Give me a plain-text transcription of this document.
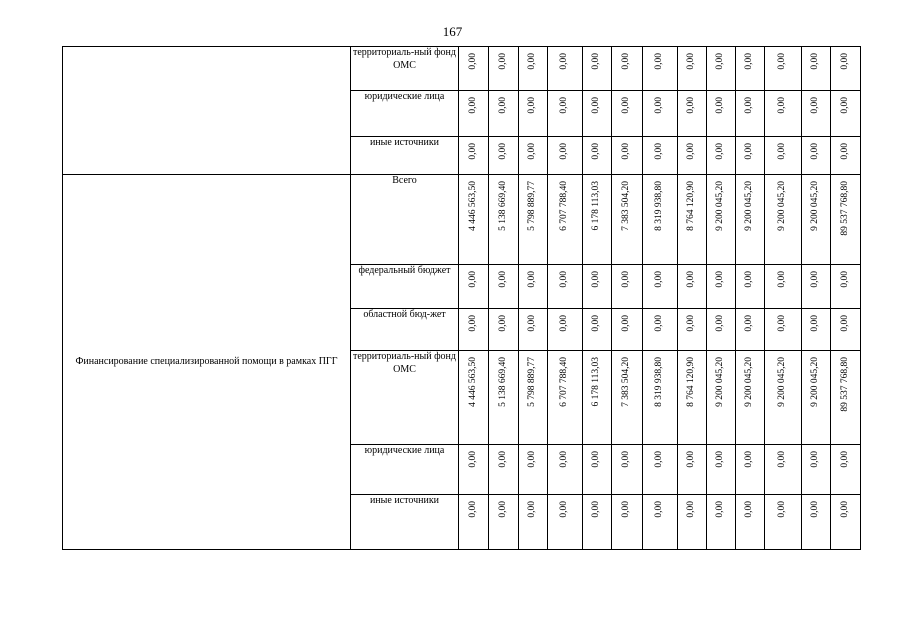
167
	территориаль-ный фонд ОМС	0,00	0,00	0,00	0,00	0,00	0,00	0,00	0,00	0,00	0,00	0,00	0,00	0,00

	юридические лица	0,00	0,00	0,00	0,00	0,00	0,00	0,00	0,00	0,00	0,00	0,00	0,00	0,00

	иные источники	0,00	0,00	0,00	0,00	0,00	0,00	0,00	0,00	0,00	0,00	0,00	0,00	0,00

Финансирование специализированной помощи в рамках ПГГ	Всего	4 446 563,50	5 138 669,40	5 798 889,77	6 707 788,40	6 178 113,03	7 383 504,20	8 319 938,80	8 764 120,90	9 200 045,20	9 200 045,20	9 200 045,20	9 200 045,20	89 537 768,80

	федеральный бюджет	0,00	0,00	0,00	0,00	0,00	0,00	0,00	0,00	0,00	0,00	0,00	0,00	0,00

	областной бюд-жет	0,00	0,00	0,00	0,00	0,00	0,00	0,00	0,00	0,00	0,00	0,00	0,00	0,00

	территориаль-ный фонд ОМС	4 446 563,50	5 138 669,40	5 798 889,77	6 707 788,40	6 178 113,03	7 383 504,20	8 319 938,80	8 764 120,90	9 200 045,20	9 200 045,20	9 200 045,20	9 200 045,20	89 537 768,80

	юридические лица	0,00	0,00	0,00	0,00	0,00	0,00	0,00	0,00	0,00	0,00	0,00	0,00	0,00

	иные источники	0,00	0,00	0,00	0,00	0,00	0,00	0,00	0,00	0,00	0,00	0,00	0,00	0,00
